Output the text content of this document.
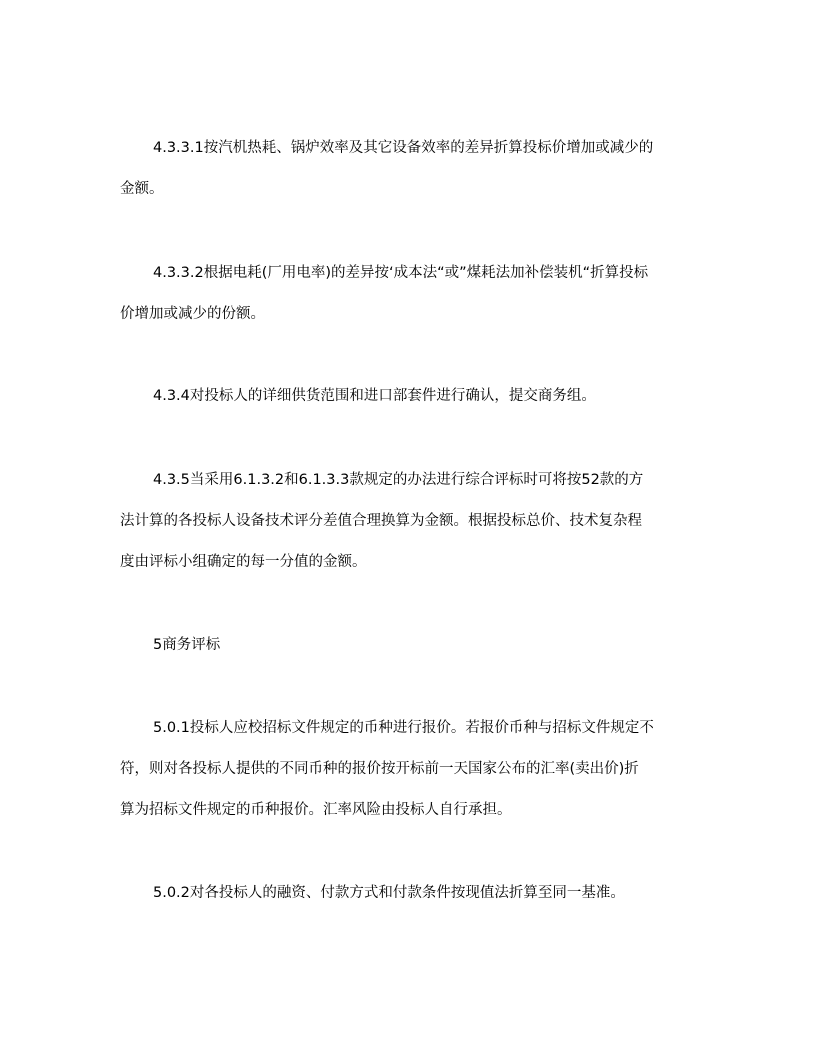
4.3.3.1按汽机热耗、锅炉效率及其它设备效率的差异折算投标价增加或减少的
金额。

4.3.3.2根据电耗(厂用电率)的差异按‘成本法“或”煤耗法加补偿装机“折算投标
价增加或减少的份额。

4.3.4对投标人的详细供货范围和进口部套件进行确认，提交商务组。

4.3.5当采用6.1.3.2和6.1.3.3款规定的办法进行综合评标时可将按52款的方
法计算的各投标人设备技术评分差值合理换算为金额。根据投标总价、技术复杂程
度由评标小组确定的每一分值的金额。

5商务评标

5.0.1投标人应校招标文件规定的币种进行报价。若报价币种与招标文件规定不
符，则对各投标人提供的不同币种的报价按开标前一天国家公布的汇率(卖出价)折
算为招标文件规定的币种报价。汇率风险由投标人自行承担。

5.0.2对各投标人的融资、付款方式和付款条件按现值法折算至同一基准。
